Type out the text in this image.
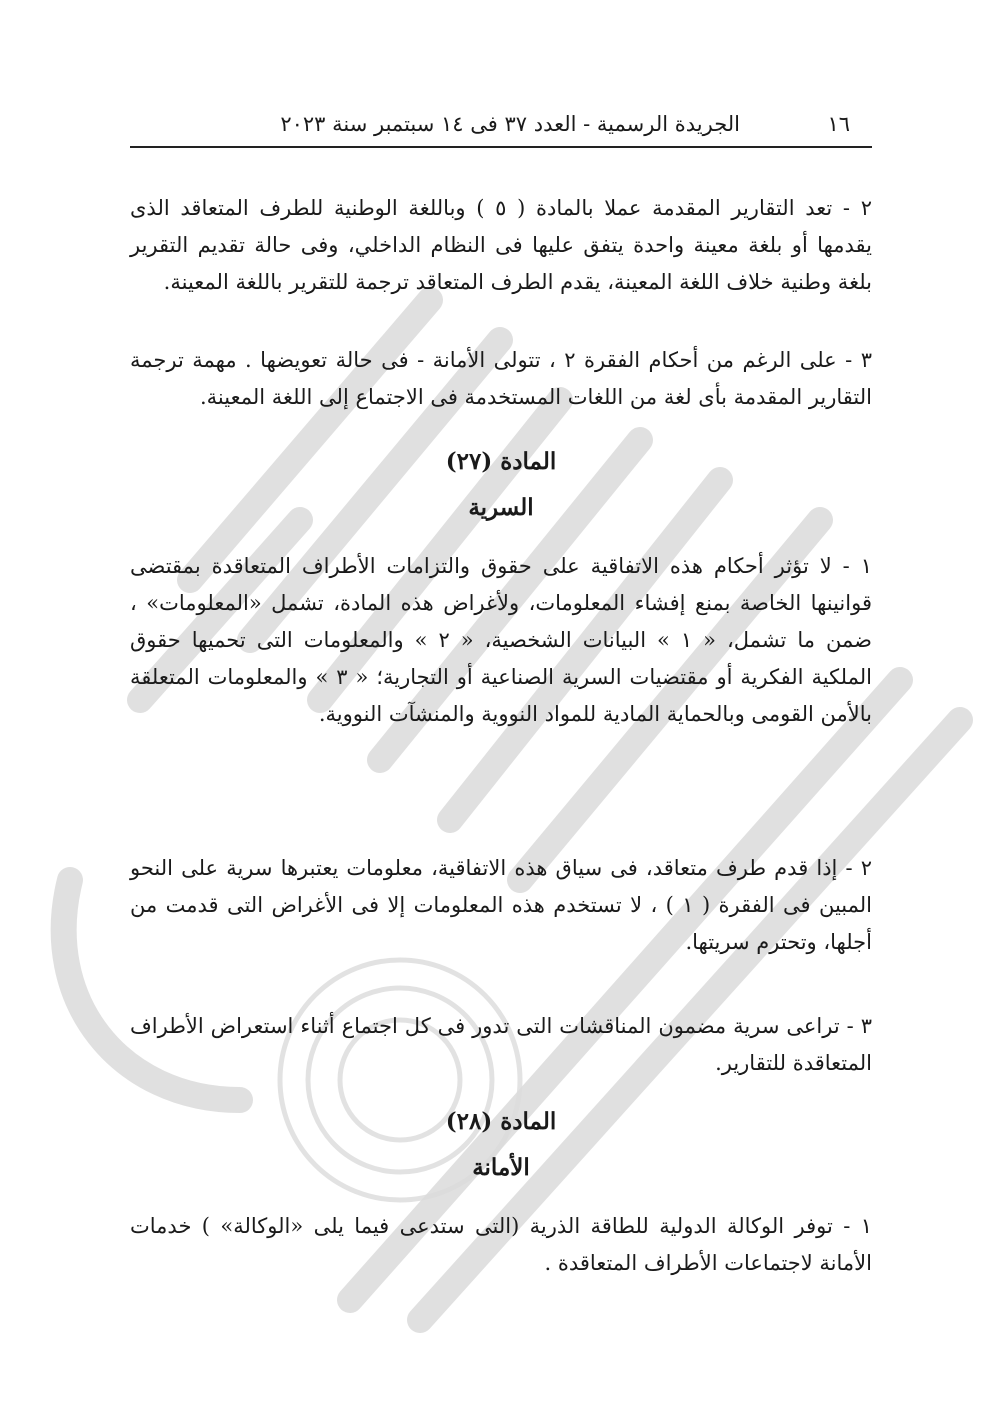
١٦
الجريدة الرسمية - العدد ٣٧ فى ١٤ سبتمبر سنة ٢٠٢٣

٢ - تعد التقارير المقدمة عملا بالمادة ( ٥ ) وباللغة الوطنية للطرف المتعاقد الذى يقدمها أو بلغة معينة واحدة يتفق عليها فى النظام الداخلي، وفى حالة تقديم التقرير بلغة وطنية خلاف اللغة المعينة، يقدم الطرف المتعاقد ترجمة للتقرير باللغة المعينة.

٣ - على الرغم من أحكام الفقرة ٢ ، تتولى الأمانة - فى حالة تعويضها . مهمة ترجمة التقارير المقدمة بأى لغة من اللغات المستخدمة فى الاجتماع إلى اللغة المعينة.

المادة (٢٧)
السرية

١ - لا تؤثر أحكام هذه الاتفاقية على حقوق والتزامات الأطراف المتعاقدة بمقتضى قوانينها الخاصة بمنع إفشاء المعلومات، ولأغراض هذه المادة، تشمل «المعلومات» ، ضمن ما تشمل، « ١ » البيانات الشخصية، « ٢ » والمعلومات التى تحميها حقوق الملكية الفكرية أو مقتضيات السرية الصناعية أو التجارية؛ « ٣ » والمعلومات المتعلقة بالأمن القومى وبالحماية المادية للمواد النووية والمنشآت النووية.

٢ - إذا قدم طرف متعاقد، فى سياق هذه الاتفاقية، معلومات يعتبرها سرية على النحو المبين فى الفقرة ( ١ ) ، لا تستخدم هذه المعلومات إلا فى الأغراض التى قدمت من أجلها، وتحترم سريتها.

٣ - تراعى سرية مضمون المناقشات التى تدور فى كل اجتماع أثناء استعراض الأطراف المتعاقدة للتقارير.

المادة (٢٨)
الأمانة

١ - توفر الوكالة الدولية للطاقة الذرية (التى ستدعى فيما يلى «الوكالة» ) خدمات الأمانة لاجتماعات الأطراف المتعاقدة .
